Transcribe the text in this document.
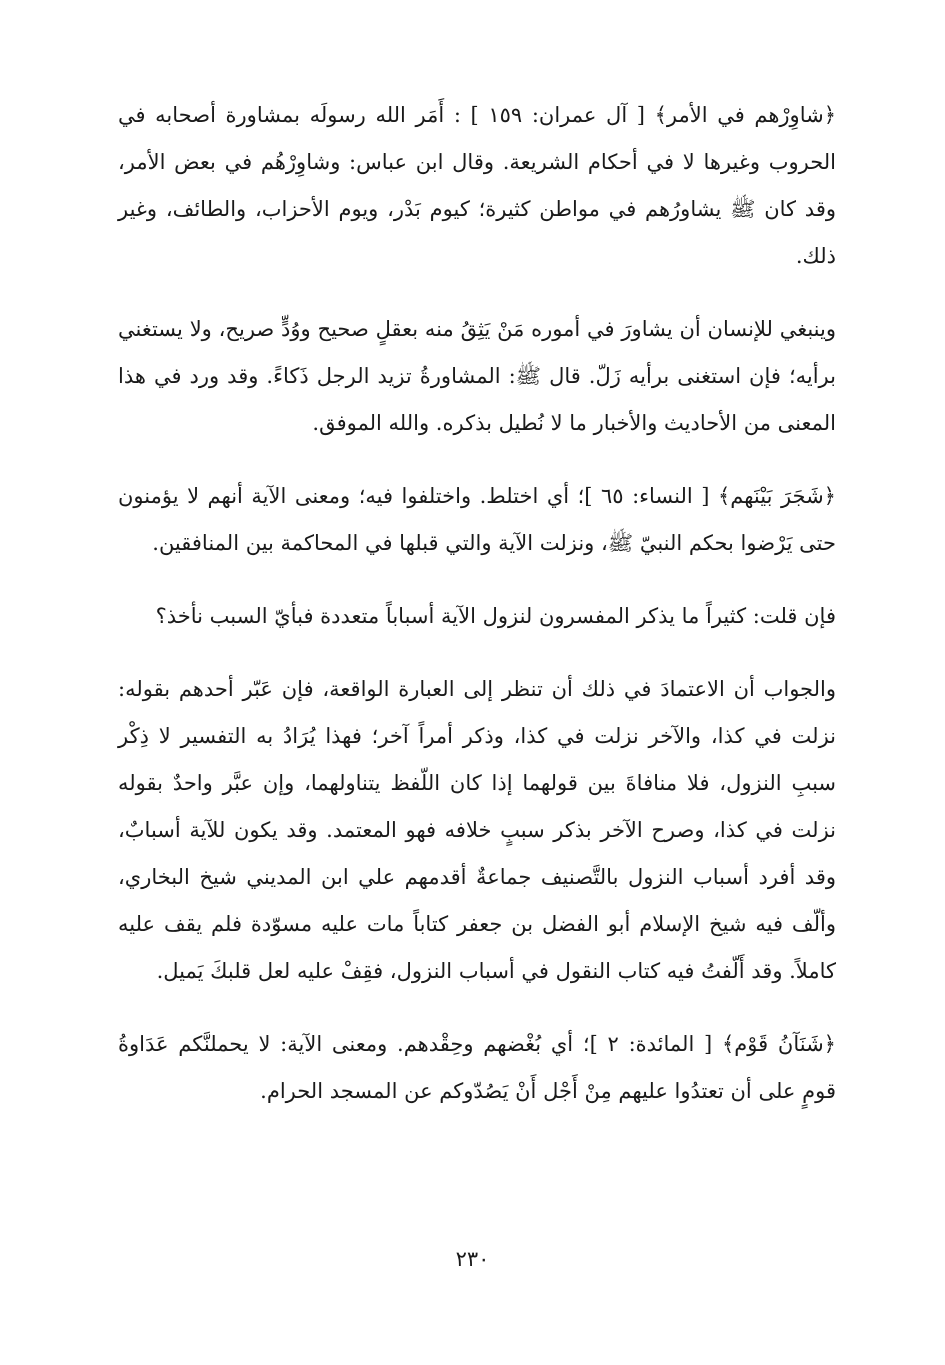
﴿شاوِرْهم في الأمر﴾ [ آل عمران: ١٥٩ ] : أَمَر الله رسولَه بمشاورة أصحابه في الحروب وغيرها لا في أحكام الشريعة. وقال ابن عباس: وشاوِرْهُم في بعض الأمر، وقد كان ﷺ يشاورُهم في مواطن كثيرة؛ كيوم بَدْر، ويوم الأحزاب، والطائف، وغير ذلك.

وينبغي للإنسان أن يشاورَ في أموره مَنْ يَثِقُ منه بعقلٍ صحيح ووُدٍّ صريح، ولا يستغني برأيه؛ فإن استغنى برأيه زَلّ. قال ﷺ: المشاورةُ تزيد الرجل ذَكاءً. وقد ورد في هذا المعنى من الأحاديث والأخبار ما لا نُطيل بذكره. والله الموفق.

﴿شَجَرَ بَيْنَهم﴾ [ النساء: ٦٥ ]؛ أي اختلط. واختلفوا فيه؛ ومعنى الآية أنهم لا يؤمنون حتى يَرْضوا بحكم النبيّ ﷺ، ونزلت الآية والتي قبلها في المحاكمة بين المنافقين.

فإن قلت: كثيراً ما يذكر المفسرون لنزول الآية أسباباً متعددة فبأيّ السبب نأخذ؟

والجواب أن الاعتمادَ في ذلك أن تنظر إلى العبارة الواقعة، فإن عَبّر أحدهم بقوله: نزلت في كذا، والآخر نزلت في كذا، وذكر أمراً آخر؛ فهذا يُرَادُ به التفسير لا ذِكْر سببِ النزول، فلا منافاةَ بين قولهما إذا كان اللّفظ يتناولهما، وإن عبَّر واحدٌ بقوله نزلت في كذا، وصرح الآخر بذكر سببٍ خلافه فهو المعتمد. وقد يكون للآية أسبابٌ، وقد أفرد أسباب النزول بالتَّصنيف جماعةٌ أقدمهم علي ابن المديني شيخ البخاري، وألّف فيه شيخ الإسلام أبو الفضل بن جعفر كتاباً مات عليه مسوّدة فلم يقف عليه كاملاً. وقد أَلّفتُ فيه كتاب النقول في أسباب النزول، فقِفْ عليه لعل قلبكَ يَميل.

﴿شَنَآنُ قَوْم﴾ [ المائدة: ٢ ]؛ أي بُغْضهم وحِقْدهم. ومعنى الآية: لا يحملنَّكم عَدَاوةُ قومٍ على أن تعتدُوا عليهم مِنْ أَجْل أَنْ يَصُدّوكم عن المسجد الحرام.

٢٣٠
